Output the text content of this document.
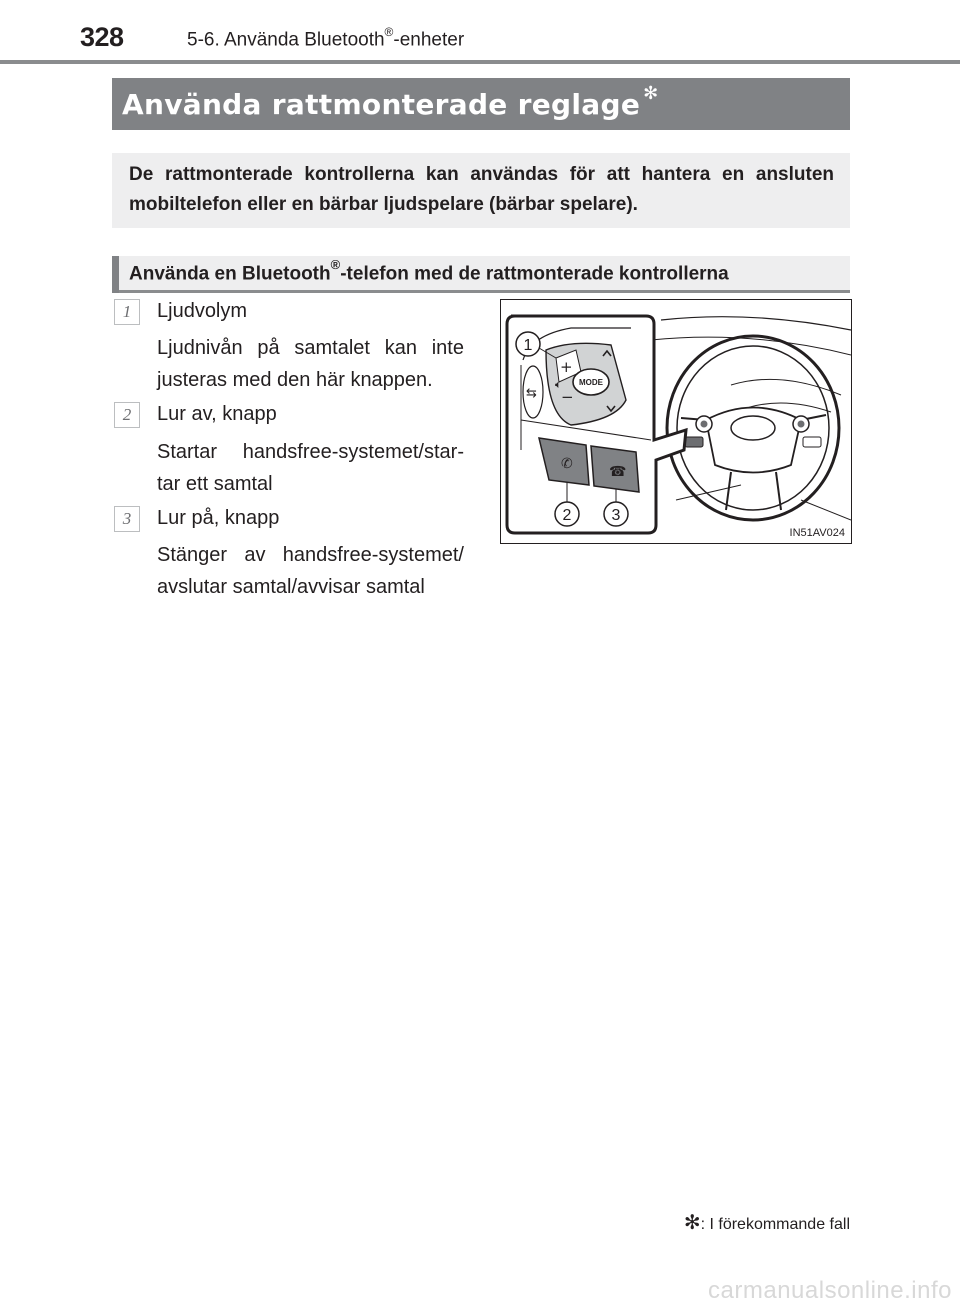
328	5-6. Använda Bluetooth®-enheter
Använda rattmonterade reglage ✻
De rattmonterade kontrollerna kan användas för att hantera en ansluten mobiltelefon eller en bärbar ljudspelare (bärbar spelare).
Använda en Bluetooth®-telefon med de rattmonterade kontrollerna
1	Ljudvolym
Ljudnivån på samtalet kan inte justeras med den här knappen.
2	Lur av, knapp
Startar handsfree-systemet/star-tar ett samtal
3	Lur på, knapp
Stänger av handsfree-systemet/ avslutar samtal/avvisar samtal
⇆
+
−
🔈︎ MODE
✆	☎
1
2	3
IN51AV024
✻: I förekommande fall
carmanualsonline.info
